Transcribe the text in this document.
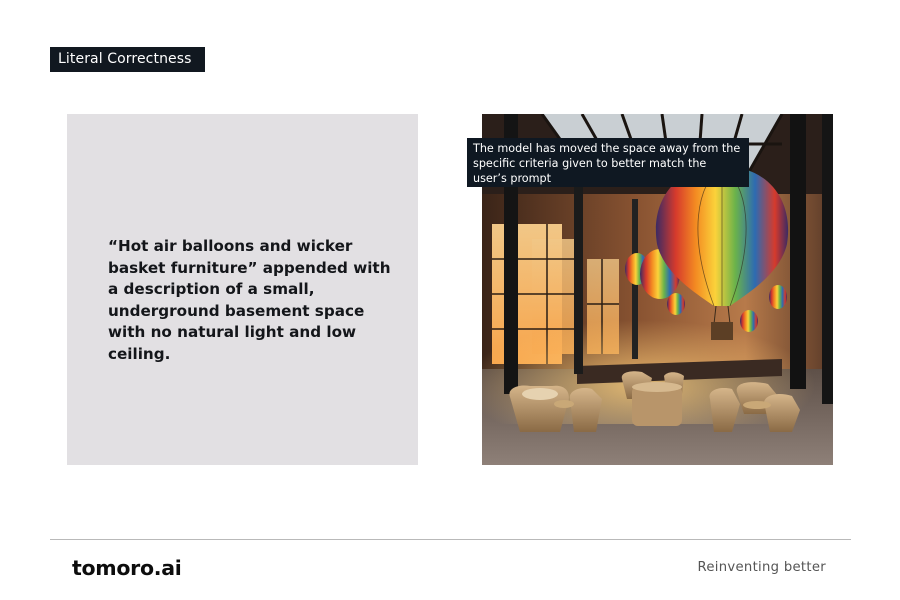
Literal Correctness
“Hot air balloons and wicker basket furniture” appended with a description of a small, underground basement space with no natural light and low ceiling.
The model has moved the space away from the specific criteria given to better match the user’s prompt
tomoro.ai	Reinventing better
